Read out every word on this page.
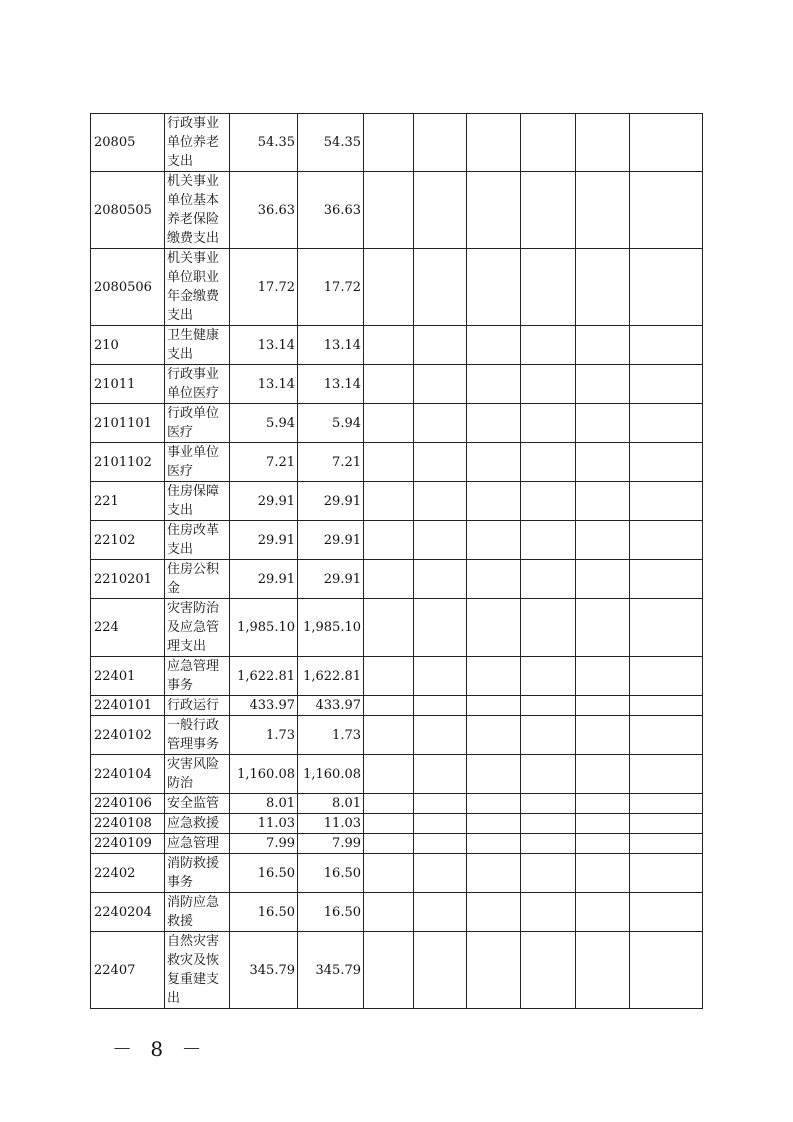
20805	行政事业单位养老支出	54.35	54.35						
2080505	机关事业单位基本养老保险缴费支出	36.63	36.63						
2080506	机关事业单位职业年金缴费支出	17.72	17.72						
210	卫生健康支出	13.14	13.14						
21011	行政事业单位医疗	13.14	13.14						
2101101	行政单位医疗	5.94	5.94						
2101102	事业单位医疗	7.21	7.21						
221	住房保障支出	29.91	29.91						
22102	住房改革支出	29.91	29.91						
2210201	住房公积金	29.91	29.91						
224	灾害防治及应急管理支出	1,985.10	1,985.10						
22401	应急管理事务	1,622.81	1,622.81						
2240101	行政运行	433.97	433.97						
2240102	一般行政管理事务	1.73	1.73						
2240104	灾害风险防治	1,160.08	1,160.08						
2240106	安全监管	8.01	8.01						
2240108	应急救援	11.03	11.03						
2240109	应急管理	7.99	7.99						
22402	消防救援事务	16.50	16.50						
2240204	消防应急救援	16.50	16.50						
22407	自然灾害救灾及恢复重建支出	345.79	345.79						
－ 8 －
